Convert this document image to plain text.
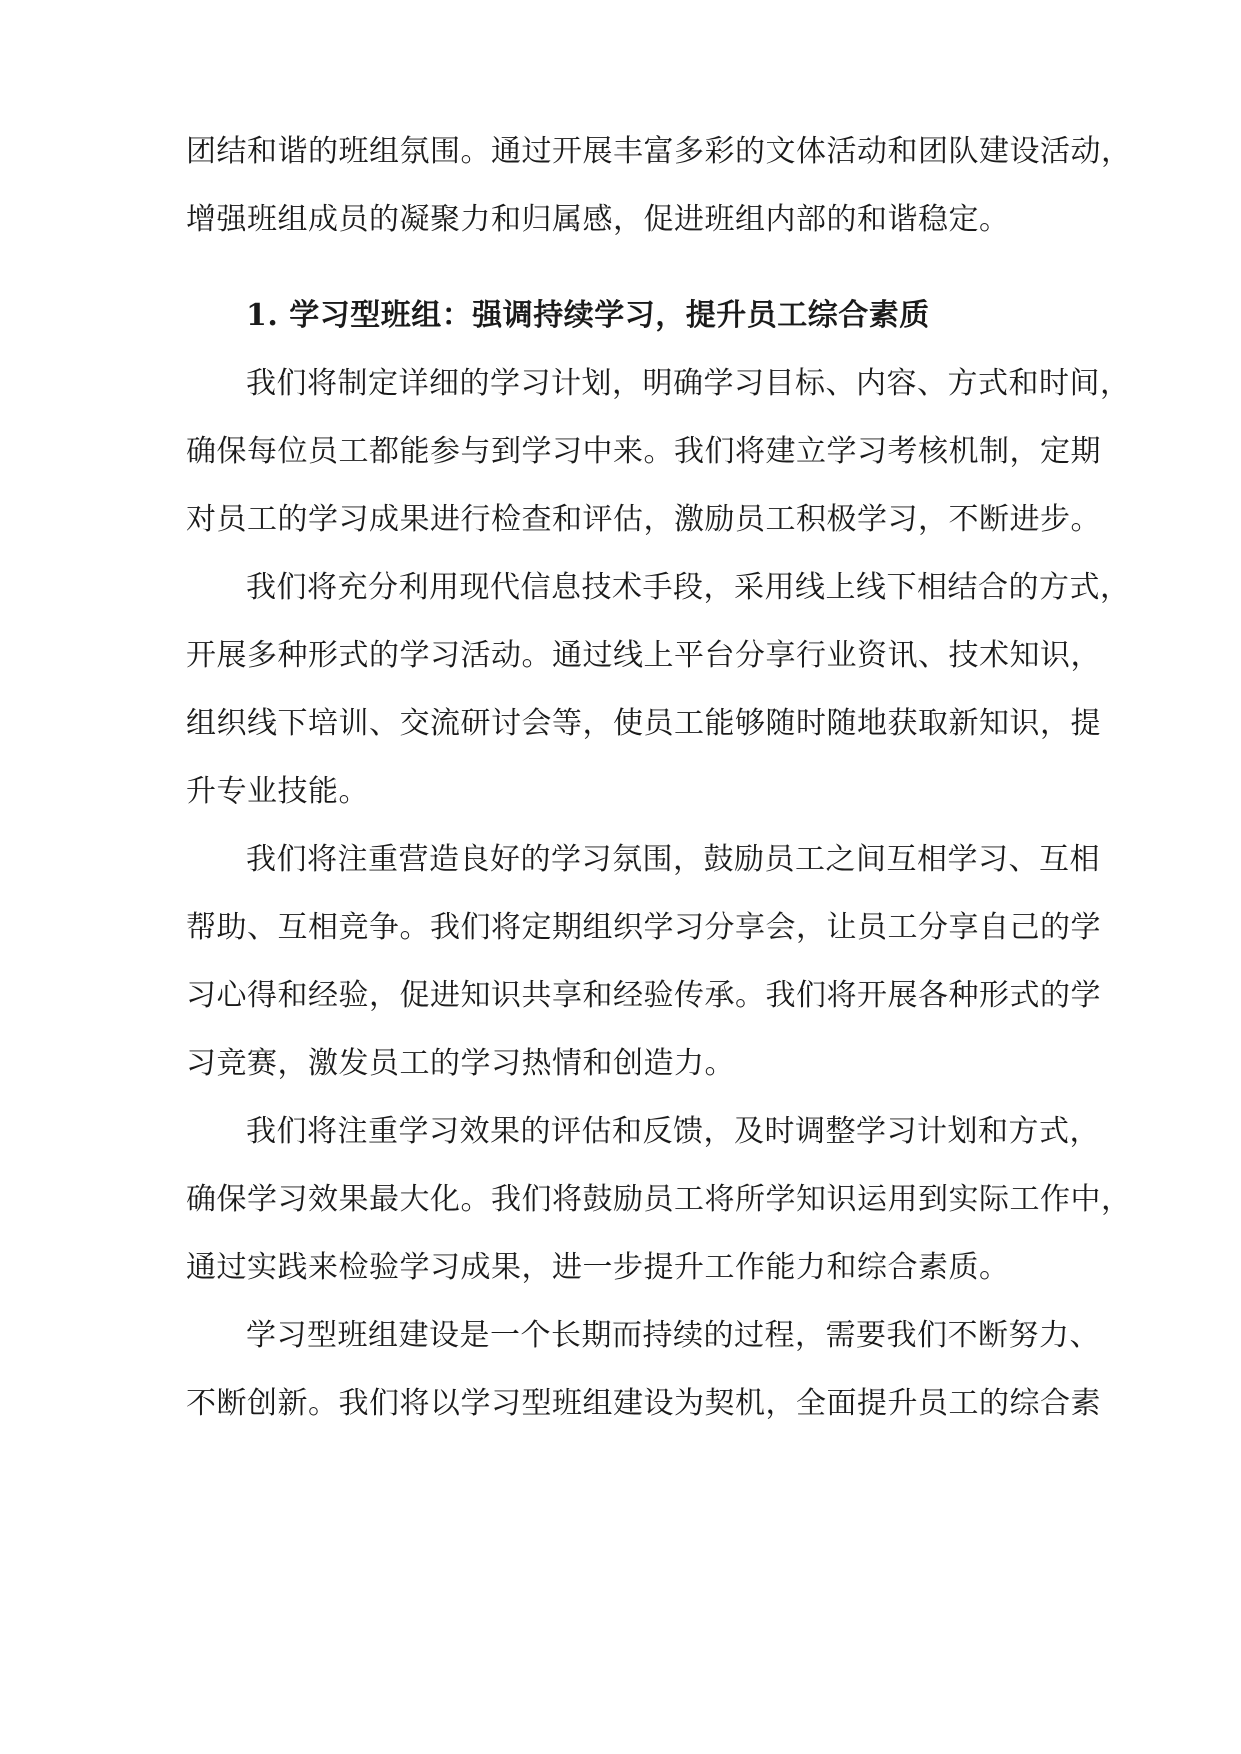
团结和谐的班组氛围。通过开展丰富多彩的文体活动和团队建设活动，

增强班组成员的凝聚力和归属感，促进班组内部的和谐稳定。

1. 学习型班组：强调持续学习，提升员工综合素质

我们将制定详细的学习计划，明确学习目标、内容、方式和时间，

确保每位员工都能参与到学习中来。我们将建立学习考核机制，定期

对员工的学习成果进行检查和评估，激励员工积极学习，不断进步。

我们将充分利用现代信息技术手段，采用线上线下相结合的方式，

开展多种形式的学习活动。通过线上平台分享行业资讯、技术知识，

组织线下培训、交流研讨会等，使员工能够随时随地获取新知识，提

升专业技能。

我们将注重营造良好的学习氛围，鼓励员工之间互相学习、互相

帮助、互相竞争。我们将定期组织学习分享会，让员工分享自己的学

习心得和经验，促进知识共享和经验传承。我们将开展各种形式的学

习竞赛，激发员工的学习热情和创造力。

我们将注重学习效果的评估和反馈，及时调整学习计划和方式，

确保学习效果最大化。我们将鼓励员工将所学知识运用到实际工作中，

通过实践来检验学习成果，进一步提升工作能力和综合素质。

学习型班组建设是一个长期而持续的过程，需要我们不断努力、

不断创新。我们将以学习型班组建设为契机，全面提升员工的综合素
